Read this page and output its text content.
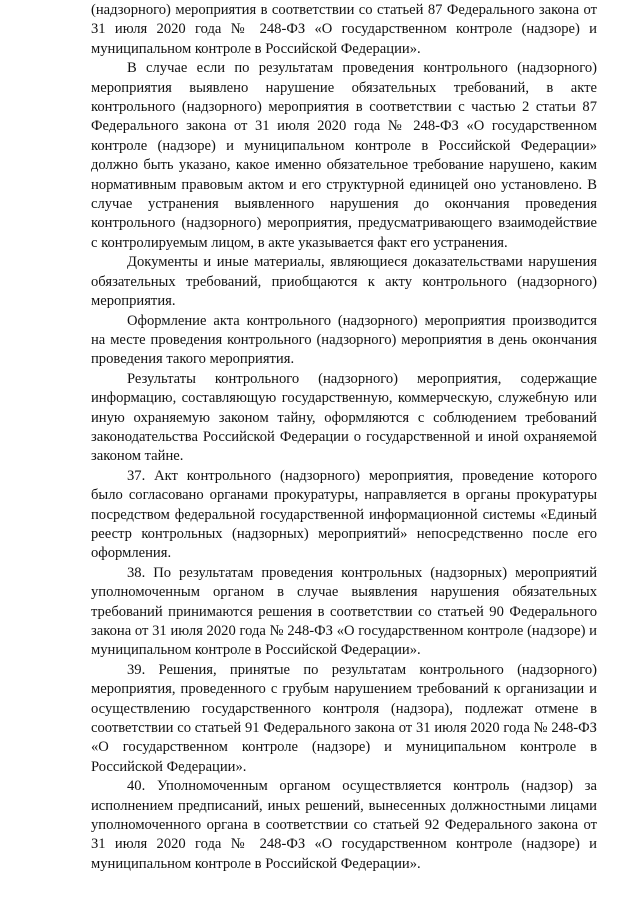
(надзорного) мероприятия в соответствии со статьей 87 Федерального закона от 31 июля 2020 года № 248-ФЗ «О государственном контроле (надзоре) и муниципальном контроле в Российской Федерации».

В случае если по результатам проведения контрольного (надзорного) мероприятия выявлено нарушение обязательных требований, в акте контрольного (надзорного) мероприятия в соответствии с частью 2 статьи 87 Федерального закона от 31 июля 2020 года № 248-ФЗ «О государственном контроле (надзоре) и муниципальном контроле в Российской Федерации» должно быть указано, какое именно обязательное требование нарушено, каким нормативным правовым актом и его структурной единицей оно установлено. В случае устранения выявленного нарушения до окончания проведения контрольного (надзорного) мероприятия, предусматривающего взаимодействие с контролируемым лицом, в акте указывается факт его устранения.

Документы и иные материалы, являющиеся доказательствами нарушения обязательных требований, приобщаются к акту контрольного (надзорного) мероприятия.

Оформление акта контрольного (надзорного) мероприятия производится на месте проведения контрольного (надзорного) мероприятия в день окончания проведения такого мероприятия.

Результаты контрольного (надзорного) мероприятия, содержащие информацию, составляющую государственную, коммерческую, служебную или иную охраняемую законом тайну, оформляются с соблюдением требований законодательства Российской Федерации о государственной и иной охраняемой законом тайне.

37. Акт контрольного (надзорного) мероприятия, проведение которого было согласовано органами прокуратуры, направляется в органы прокуратуры посредством федеральной государственной информационной системы «Единый реестр контрольных (надзорных) мероприятий» непосредственно после его оформления.

38. По результатам проведения контрольных (надзорных) мероприятий уполномоченным органом в случае выявления нарушения обязательных требований принимаются решения в соответствии со статьей 90 Федерального закона от 31 июля 2020 года № 248-ФЗ «О государственном контроле (надзоре) и муниципальном контроле в Российской Федерации».

39. Решения, принятые по результатам контрольного (надзорного) мероприятия, проведенного с грубым нарушением требований к организации и осуществлению государственного контроля (надзора), подлежат отмене в соответствии со статьей 91 Федерального закона от 31 июля 2020 года № 248-ФЗ «О государственном контроле (надзоре) и муниципальном контроле в Российской Федерации».

40. Уполномоченным органом осуществляется контроль (надзор) за исполнением предписаний, иных решений, вынесенных должностными лицами уполномоченного органа в соответствии со статьей 92 Федерального закона от 31 июля 2020 года № 248-ФЗ «О государственном контроле (надзоре) и муниципальном контроле в Российской Федерации».
